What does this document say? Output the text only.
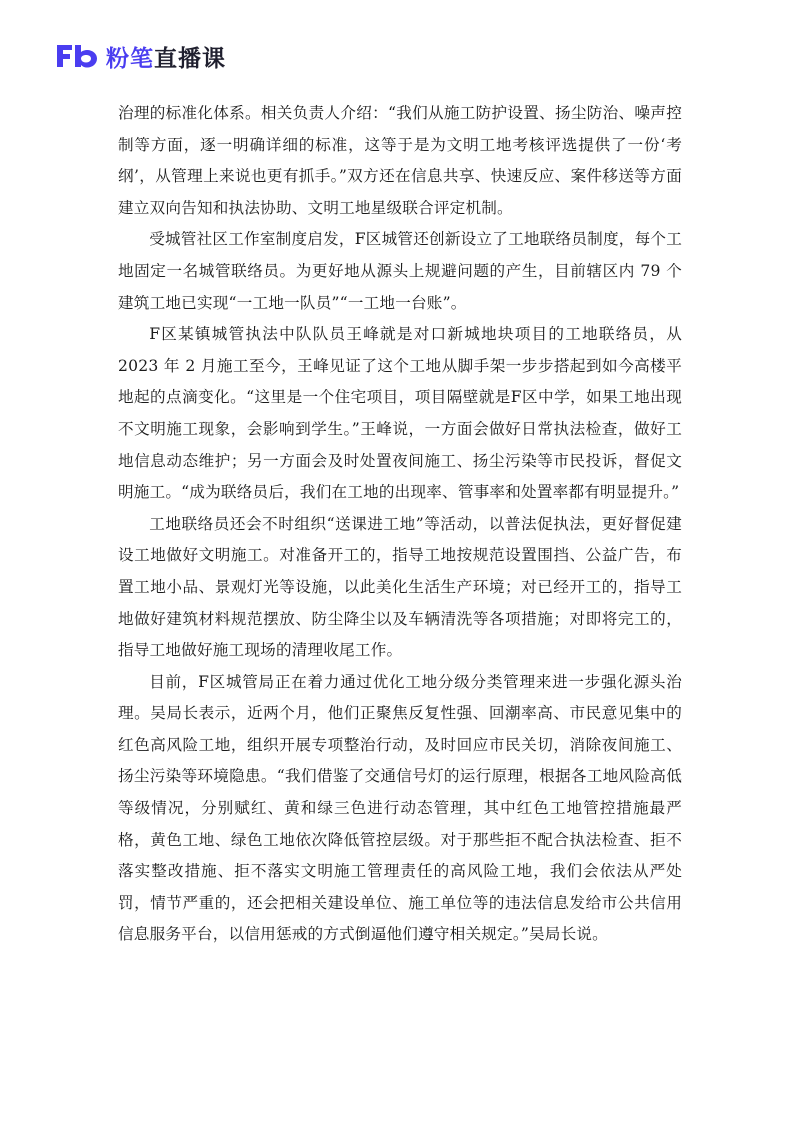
粉笔直播课

治理的标准化体系。相关负责人介绍：“我们从施工防护设置、扬尘防治、噪声控制等方面，逐一明确详细的标准，这等于是为文明工地考核评选提供了一份‘考纲’，从管理上来说也更有抓手。”双方还在信息共享、快速反应、案件移送等方面建立双向告知和执法协助、文明工地星级联合评定机制。

受城管社区工作室制度启发，F区城管还创新设立了工地联络员制度，每个工地固定一名城管联络员。为更好地从源头上规避问题的产生，目前辖区内 79 个建筑工地已实现“一工地一队员”“一工地一台账”。

F区某镇城管执法中队队员王峰就是对口新城地块项目的工地联络员，从 2023 年 2 月施工至今，王峰见证了这个工地从脚手架一步步搭起到如今高楼平地起的点滴变化。“这里是一个住宅项目，项目隔壁就是F区中学，如果工地出现不文明施工现象，会影响到学生。”王峰说，一方面会做好日常执法检查，做好工地信息动态维护；另一方面会及时处置夜间施工、扬尘污染等市民投诉，督促文明施工。“成为联络员后，我们在工地的出现率、管事率和处置率都有明显提升。”

工地联络员还会不时组织“送课进工地”等活动，以普法促执法，更好督促建设工地做好文明施工。对准备开工的，指导工地按规范设置围挡、公益广告，布置工地小品、景观灯光等设施，以此美化生活生产环境；对已经开工的，指导工地做好建筑材料规范摆放、防尘降尘以及车辆清洗等各项措施；对即将完工的，指导工地做好施工现场的清理收尾工作。

目前，F区城管局正在着力通过优化工地分级分类管理来进一步强化源头治理。吴局长表示，近两个月，他们正聚焦反复性强、回潮率高、市民意见集中的红色高风险工地，组织开展专项整治行动，及时回应市民关切，消除夜间施工、扬尘污染等环境隐患。“我们借鉴了交通信号灯的运行原理，根据各工地风险高低等级情况，分别赋红、黄和绿三色进行动态管理，其中红色工地管控措施最严格，黄色工地、绿色工地依次降低管控层级。对于那些拒不配合执法检查、拒不落实整改措施、拒不落实文明施工管理责任的高风险工地，我们会依法从严处罚，情节严重的，还会把相关建设单位、施工单位等的违法信息发给市公共信用信息服务平台，以信用惩戒的方式倒逼他们遵守相关规定。”吴局长说。
